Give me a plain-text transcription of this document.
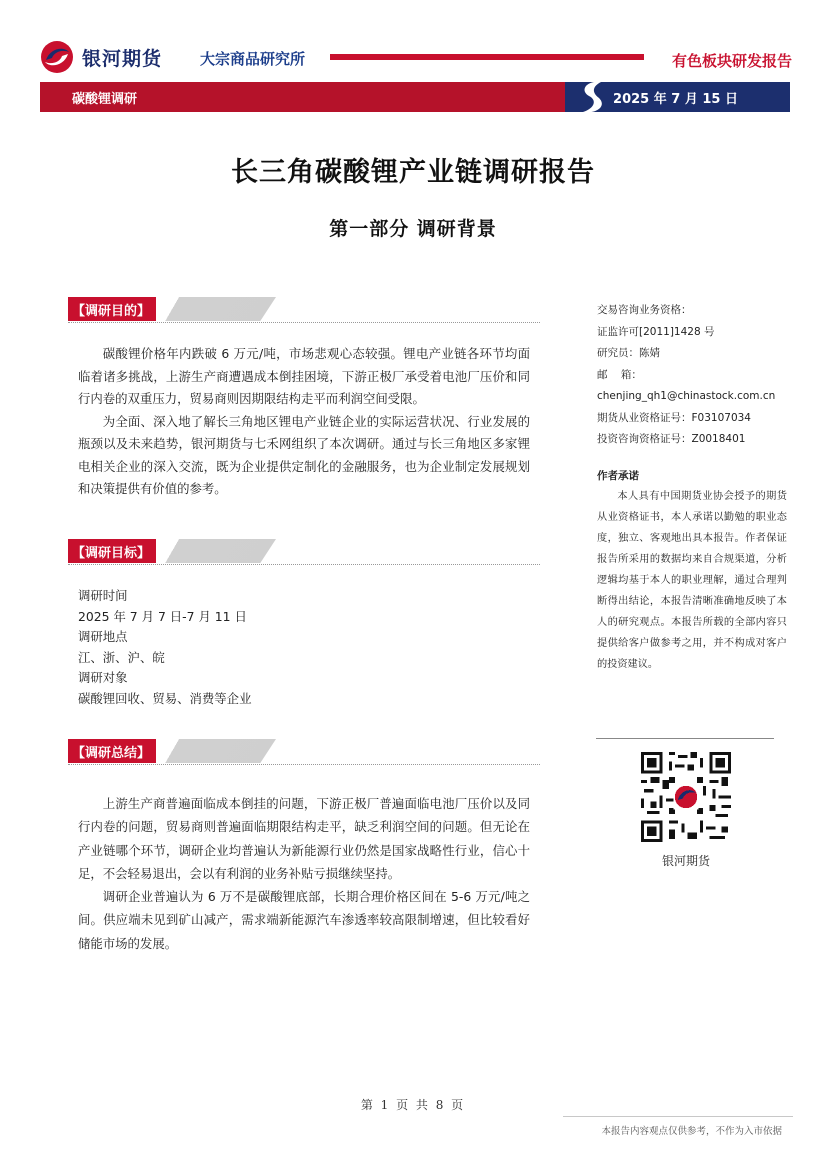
银河期货	大宗商品研究所	有色板块研发报告
碳酸锂调研	2025 年 7 月 15 日
长三角碳酸锂产业链调研报告
第一部分 调研背景
【调研目的】

碳酸锂价格年内跌破 6 万元/吨，市场悲观心态较强。锂电产业链各环节均面临着诸多挑战，上游生产商遭遇成本倒挂困境，下游正极厂承受着电池厂压价和同行内卷的双重压力，贸易商则因期限结构走平而利润空间受限。

为全面、深入地了解长三角地区锂电产业链企业的实际运营状况、行业发展的瓶颈以及未来趋势，银河期货与七禾网组织了本次调研。通过与长三角地区多家锂电相关企业的深入交流，既为企业提供定制化的金融服务，也为企业制定发展规划和决策提供有价值的参考。

【调研目标】
调研时间
2025 年 7 月 7 日-7 月 11 日
调研地点
江、浙、沪、皖
调研对象
碳酸锂回收、贸易、消费等企业
【调研总结】

上游生产商普遍面临成本倒挂的问题，下游正极厂普遍面临电池厂压价以及同行内卷的问题，贸易商则普遍面临期限结构走平，缺乏利润空间的问题。但无论在产业链哪个环节，调研企业均普遍认为新能源行业仍然是国家战略性行业，信心十足，不会轻易退出，会以有利润的业务补贴亏损继续坚持。

调研企业普遍认为 6 万不是碳酸锂底部，长期合理价格区间在 5-6 万元/吨之间。供应端未见到矿山减产，需求端新能源汽车渗透率较高限制增速，但比较看好储能市场的发展。

交易咨询业务资格：
证监许可[2011]1428 号
研究员：陈婧
邮    箱：
chenjing_qh1@chinastock.com.cn
期货从业资格证号：F03107034
投资咨询资格证号：Z0018401
作者承诺
本人具有中国期货业协会授予的期货从业资格证书，本人承诺以勤勉的职业态度，独立、客观地出具本报告。作者保证报告所采用的数据均来自合规渠道，分析逻辑均基于本人的职业理解，通过合理判断得出结论，本报告清晰准确地反映了本人的研究观点。本报告所载的全部内容只提供给客户做参考之用，并不构成对客户的投资建议。
银河期货
第 1 页 共 8 页
本报告内容观点仅供参考，不作为入市依据
